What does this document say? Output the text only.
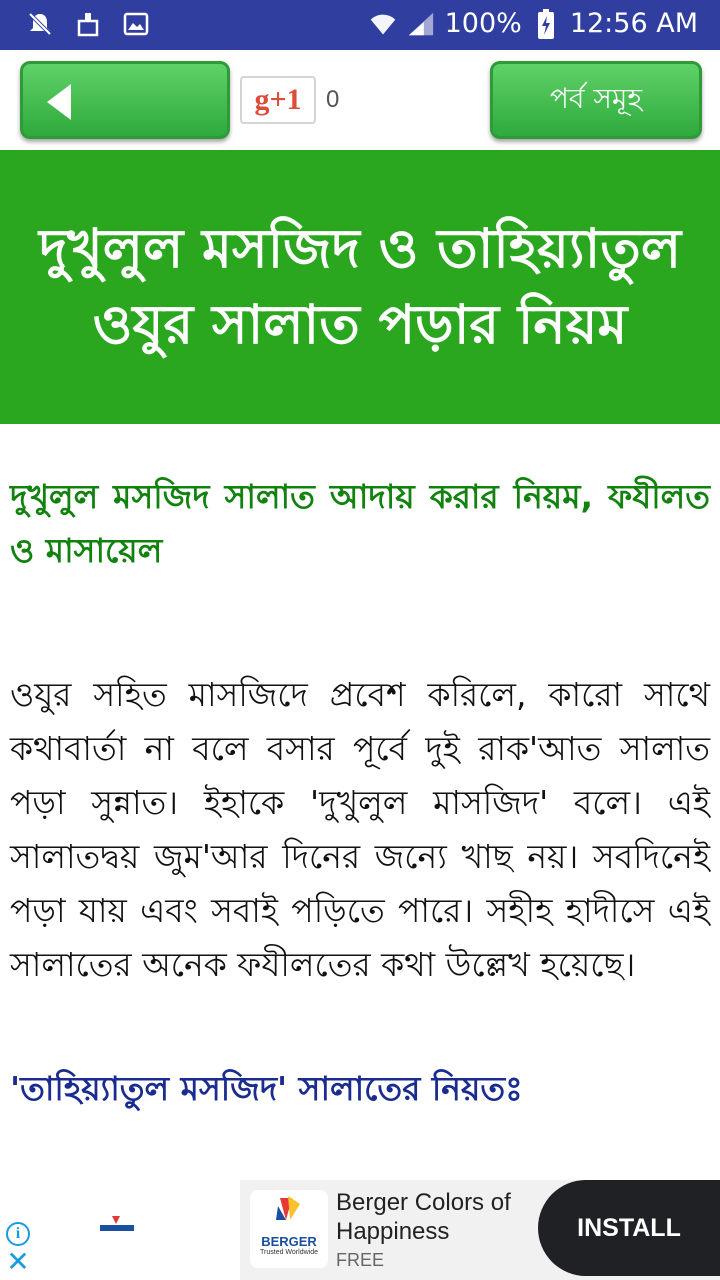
100% 12:56 AM
g+1	0	পর্ব সমূহ
দুখুলুল মসজিদ ও তাহিয়্যাতুল ওযুর সালাত পড়ার নিয়ম

দুখুলুল মসজিদ সালাত আদায় করার নিয়ম, ফযীলত ও মাসায়েল

ওযুর সহিত মাসজিদে প্রবেশ করিলে, কারো সাথে কথাবার্তা না বলে বসার পূর্বে দুই রাক'আত সালাত পড়া সুন্নাত। ইহাকে 'দুখুলুল মাসজিদ' বলে। এই সালাতদ্বয় জুম'আর দিনের জন্যে খাছ নয়। সবদিনেই পড়া যায় এবং সবাই পড়িতে পারে। সহীহ হাদীসে এই সালাতের অনেক ফযীলতের কথা উল্লেখ হয়েছে।

'তাহিয়্যাতুল মসজিদ' সালাতের নিয়তঃ

i
✕
BERGER
Trusted Worldwide
Berger Colors of Happiness
FREE
INSTALL
